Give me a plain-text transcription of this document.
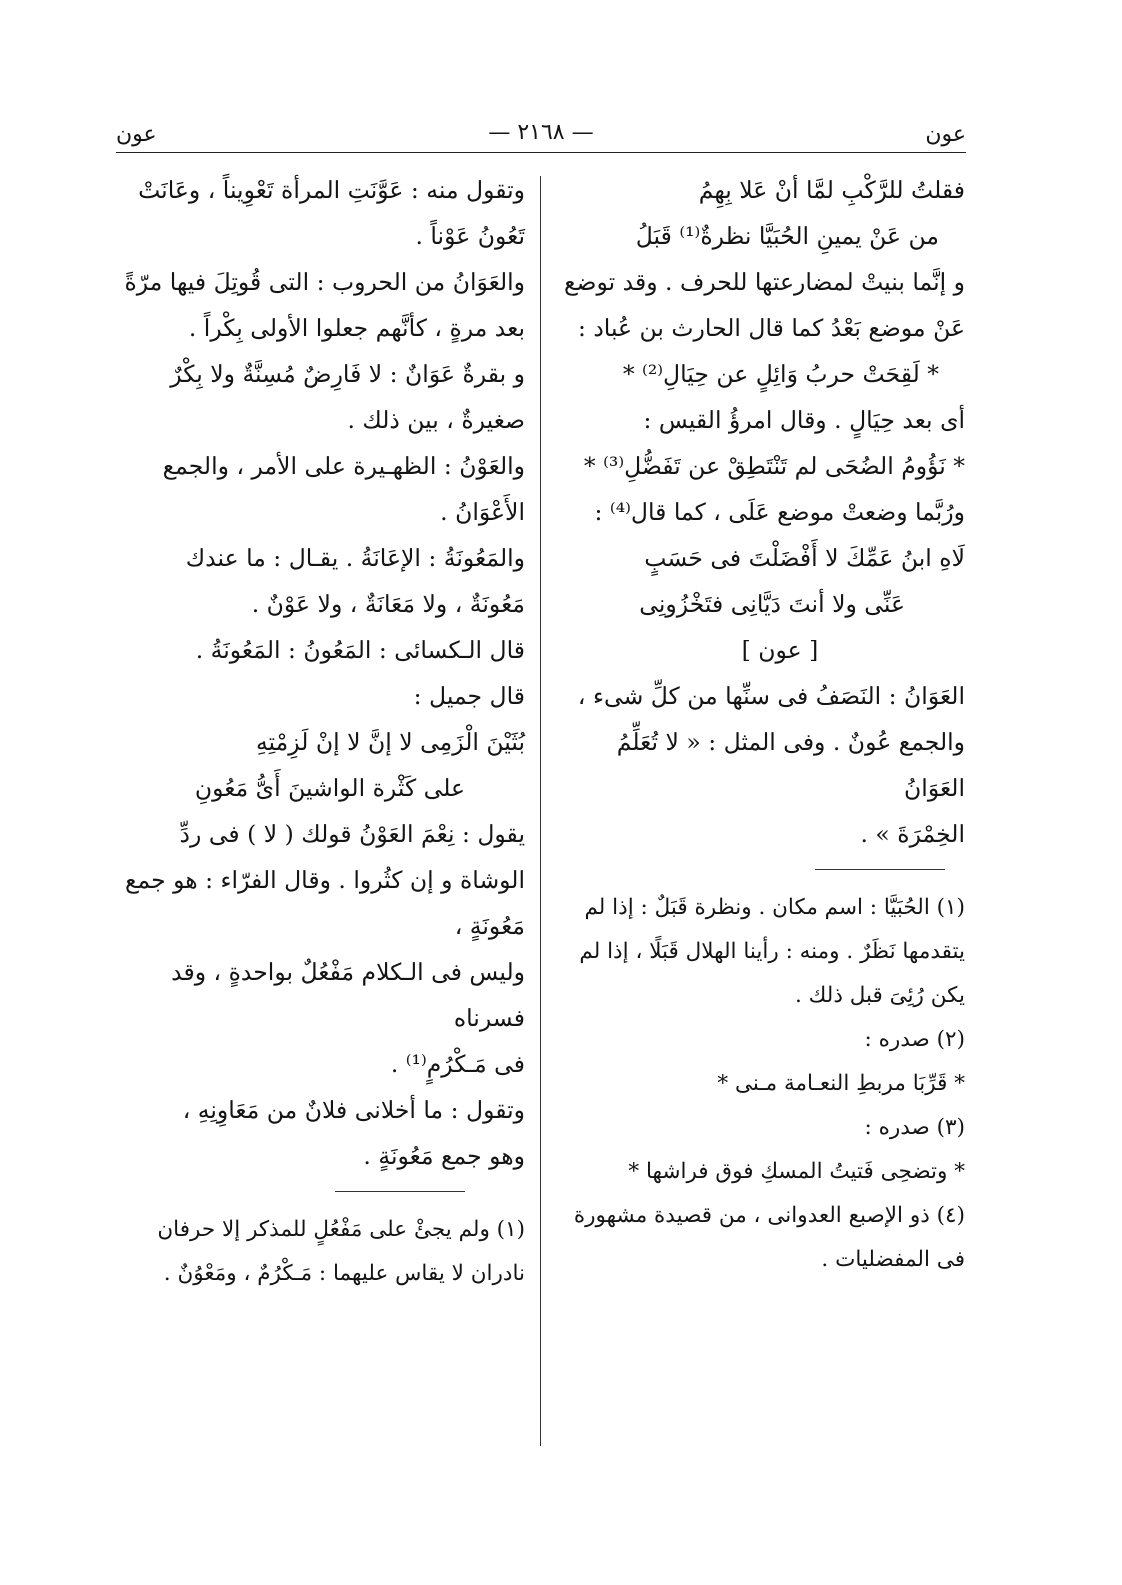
عون
— ٢١٦٨ —
عون

فقلتُ للرَّكْبِ لمَّا أنْ عَلا بِهِمُ

من عَنْ يمينِ الحُبَيَّا نظرةٌ⁽¹⁾ قَبَلُ

و إنَّما بنيتْ لمضارعتها للحرف . وقد توضع

عَنْ موضع بَعْدُ كما قال الحارث بن عُباد :

* لَقِحَتْ حربُ وَائِلٍ عن حِيَالِ⁽²⁾ *

أى بعد حِيَالٍ . وقال امرؤُ القيس :

* نَؤُومُ الضُحَى لم تَنْتَطِقْ عن تَفَضُّلِ⁽³⁾ *

ورُبَّما وضعتْ موضع عَلَى ، كما قال⁽⁴⁾ :

لَاهِ ابنُ عَمِّكَ لا أَفْضَلْتَ فى حَسَبٍ

عَنِّى ولا أنتَ دَيَّانِى فتَخْزُونِى

[ عون ]

العَوَانُ : النَصَفُ فى سنِّها من كلِّ شىء ،

والجمع عُونٌ . وفى المثل : « لا تُعَلِّمُ العَوَانُ

الخِمْرَةَ » .

(١) الحُبَيَّا : اسم مكان . ونظرة قَبَلٌ : إذا لم

يتقدمها نَظَرٌ . ومنه : رأينا الهلال قَبَلًا ، إذا لم

يكن رُئِىَ قبل ذلك .

(٢) صدره :

* قَرِّبَا مربطِ النعـامة مـنى *

(٣) صدره :

* وتضحِى فَتيتُ المسكِ فوق فراشها *

(٤) ذو الإصبع العدوانى ، من قصيدة مشهورة

فى المفضليات .

وتقول منه : عَوَّنَتِ المرأة تَعْوِيناً ، وعَانَتْ

تَعُونُ عَوْناً .

والعَوَانُ من الحروب : التى قُوتِلَ فيها مرّةً

بعد مرةٍ ، كأنَّهم جعلوا الأولى بِكْراً .

و بقرةٌ عَوَانٌ : لا فَارِضٌ مُسِنَّةٌ ولا بِكْرٌ

صغيرةٌ ، بين ذلك .

والعَوْنُ : الظهـيرة على الأمر ، والجمع

الأَعْوَانُ .

والمَعُونَةُ : الإعَانَةُ . يقـال : ما عندك

مَعُونَةٌ ، ولا مَعَانَةٌ ، ولا عَوْنٌ .

قال الـكسائى : المَعُونُ : المَعُونَةُ .

قال جميل :

بُثَيْنَ الْزَمِى لا إنَّ لا إنْ لَزِمْتِهِ

على كَثْرة الواشينَ أَىُّ مَعُونِ

يقول : نِعْمَ العَوْنُ قولك ( لا ) فى ردِّ

الوشاة و إن كثُروا . وقال الفرّاء : هو جمع مَعُونَةٍ ،

وليس فى الـكلام مَفْعُلٌ بواحدةٍ ، وقد فسرناه

فى مَـكْرُمٍ⁽¹⁾ .

وتقول : ما أخلانى فلانٌ من مَعَاوِنِهِ ،

وهو جمع مَعُونَةٍ .

(١) ولم يجئْ على مَفْعُلٍ للمذكر إلا حرفان

نادران لا يقاس عليهما : مَـكْرُمٌ ، ومَعْوُنٌ .
